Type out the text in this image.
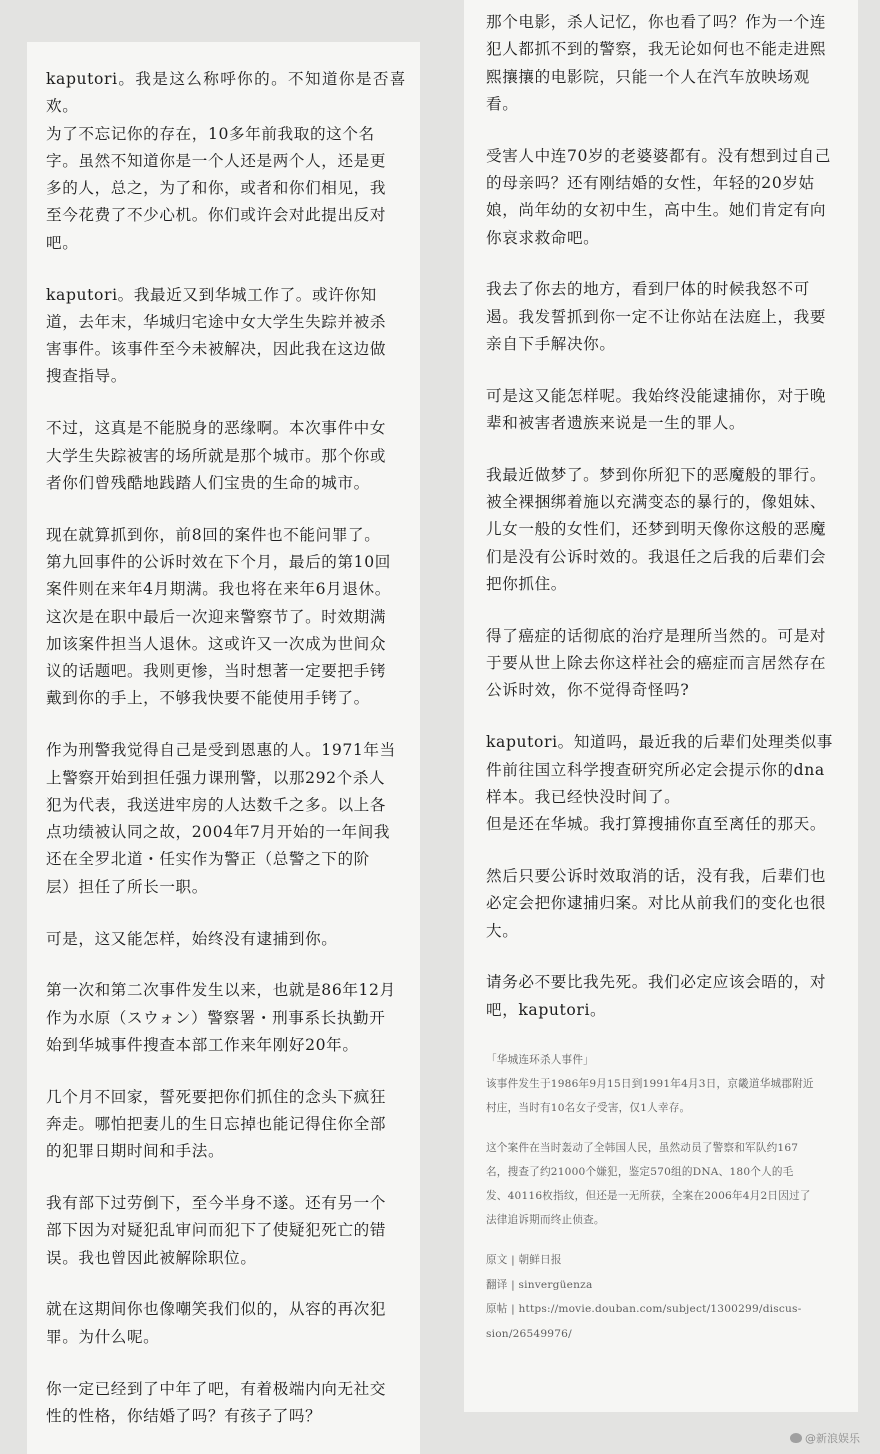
kaputori。我是这么称呼你的。不知道你是否喜欢。
为了不忘记你的存在，10多年前我取的这个名
字。虽然不知道你是一个人还是两个人，还是更
多的人，总之，为了和你，或者和你们相见，我
至今花费了不少心机。你们或许会对此提出反对
吧。

kaputori。我最近又到华城工作了。或许你知
道，去年末，华城归宅途中女大学生失踪并被杀
害事件。该事件至今未被解决，因此我在这边做
搜查指导。

不过，这真是不能脱身的恶缘啊。本次事件中女
大学生失踪被害的场所就是那个城市。那个你或
者你们曾残酷地践踏人们宝贵的生命的城市。

现在就算抓到你，前8回的案件也不能问罪了。
第九回事件的公诉时效在下个月，最后的第10回
案件则在来年4月期满。我也将在来年6月退休。
这次是在职中最后一次迎来警察节了。时效期满
加该案件担当人退休。这或许又一次成为世间众
议的话题吧。我则更惨，当时想著一定要把手铐
戴到你的手上，不够我快要不能使用手铐了。

作为刑警我觉得自己是受到恩惠的人。1971年当
上警察开始到担任强力课刑警，以那292个杀人
犯为代表，我送进牢房的人达数千之多。以上各
点功绩被认同之故，2004年7月开始的一年间我
还在全罗北道・任实作为警正（总警之下的阶
层）担任了所长一职。

可是，这又能怎样，始终没有逮捕到你。

第一次和第二次事件发生以来，也就是86年12月
作为水原（スウォン）警察署・刑事系长执勤开
始到华城事件搜查本部工作来年刚好20年。

几个月不回家，誓死要把你们抓住的念头下疯狂
奔走。哪怕把妻儿的生日忘掉也能记得住你全部
的犯罪日期时间和手法。

我有部下过劳倒下，至今半身不遂。还有另一个
部下因为对疑犯乱审问而犯下了使疑犯死亡的错
误。我也曾因此被解除职位。

就在这期间你也像嘲笑我们似的，从容的再次犯
罪。为什么呢。

你一定已经到了中年了吧，有着极端内向无社交
性的性格，你结婚了吗？有孩子了吗？

那个电影，杀人记忆，你也看了吗？作为一个连
犯人都抓不到的警察，我无论如何也不能走进熙
熙攘攘的电影院，只能一个人在汽车放映场观
看。

受害人中连70岁的老婆婆都有。没有想到过自己
的母亲吗？还有刚结婚的女性，年轻的20岁姑
娘，尚年幼的女初中生，高中生。她们肯定有向
你哀求救命吧。

我去了你去的地方，看到尸体的时候我怒不可
遏。我发誓抓到你一定不让你站在法庭上，我要
亲自下手解决你。

可是这又能怎样呢。我始终没能逮捕你，对于晚
辈和被害者遗族来说是一生的罪人。

我最近做梦了。梦到你所犯下的恶魔般的罪行。
被全裸捆绑着施以充满变态的暴行的，像姐妹、
儿女一般的女性们，还梦到明天像你这般的恶魔
们是没有公诉时效的。我退任之后我的后辈们会
把你抓住。

得了癌症的话彻底的治疗是理所当然的。可是对
于要从世上除去你这样社会的癌症而言居然存在
公诉时效，你不觉得奇怪吗?

kaputori。知道吗，最近我的后辈们处理类似事
件前往国立科学搜查研究所必定会提示你的dna
样本。我已经快没时间了。
但是还在华城。我打算搜捕你直至离任的那天。

然后只要公诉时效取消的话，没有我，后辈们也
必定会把你逮捕归案。对比从前我们的变化也很
大。

请务必不要比我先死。我们必定应该会晤的，对
吧，kaputori。

「华城连环杀人事件」

该事件发生于1986年9月15日到1991年4月3日，京畿道华城郡附近
村庄，当时有10名女子受害，仅1人幸存。

这个案件在当时轰动了全韩国人民，虽然动员了警察和军队约167
名，搜查了约21000个嫌犯，鉴定570组的DNA、180个人的毛
发、40116枚指纹，但还是一无所获，全案在2006年4月2日因过了
法律追诉期而终止侦查。

原文 | 朝鲜日报

翻译 | sinvergüenza

原帖 | https://movie.douban.com/subject/1300299/discus-

sion/26549976/

@新浪娱乐
